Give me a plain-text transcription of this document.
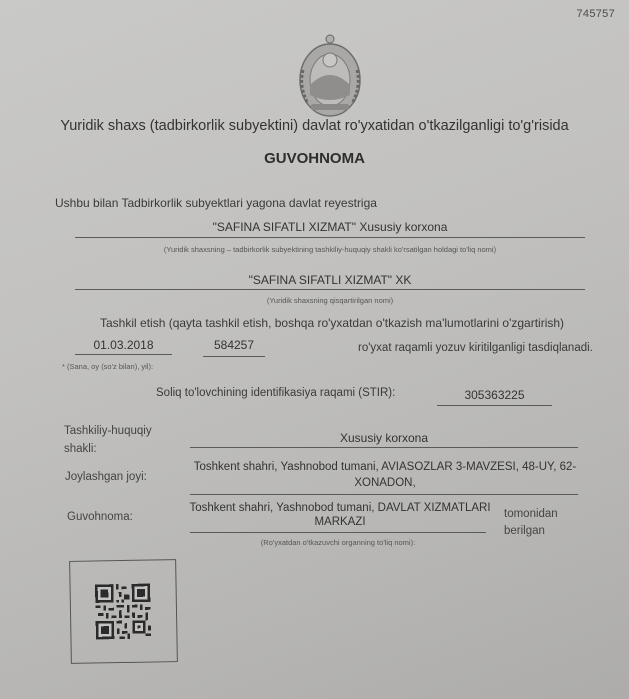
745757
Yuridik shaxs (tadbirkorlik subyektini) davlat ro'yxatidan o'tkazilganligi to'g'risida
GUVOHNOMA
Ushbu bilan Tadbirkorlik subyektlari yagona davlat reyestriga
"SAFINA SIFATLI XIZMAT" Xususiy korxona
(Yuridik shaxsning – tadbirkorlik subyektining tashkiliy-huquqiy shakli ko'rsatilgan holdagi to'liq nomi)
"SAFINA SIFATLI XIZMAT" XK
(Yuridik shaxsning qisqartirilgan nomi)
Tashkil etish (qayta tashkil etish, boshqa ro'yxatdan o'tkazish ma'lumotlarini o'zgartirish)
01.03.2018	584257	ro'yxat raqamli yozuv kiritilganligi tasdiqlanadi.
* (Sana, oy (so'z bilan), yil):
Soliq to'lovchining identifikasiya raqami (STIR):	305363225
Tashkiliy-huquqiy
shakli:
Xususiy korxona
Joylashgan joyi:
Toshkent shahri, Yashnobod tumani, AVIASOZLAR 3-MAVZESI, 48-UY, 62-
XONADON,
Guvohnoma:
Toshkent shahri, Yashnobod tumani, DAVLAT XIZMATLARI
MARKAZI
tomonidan
berilgan
(Ro'yxatdan o'tkazuvchi organning to'liq nomi):
